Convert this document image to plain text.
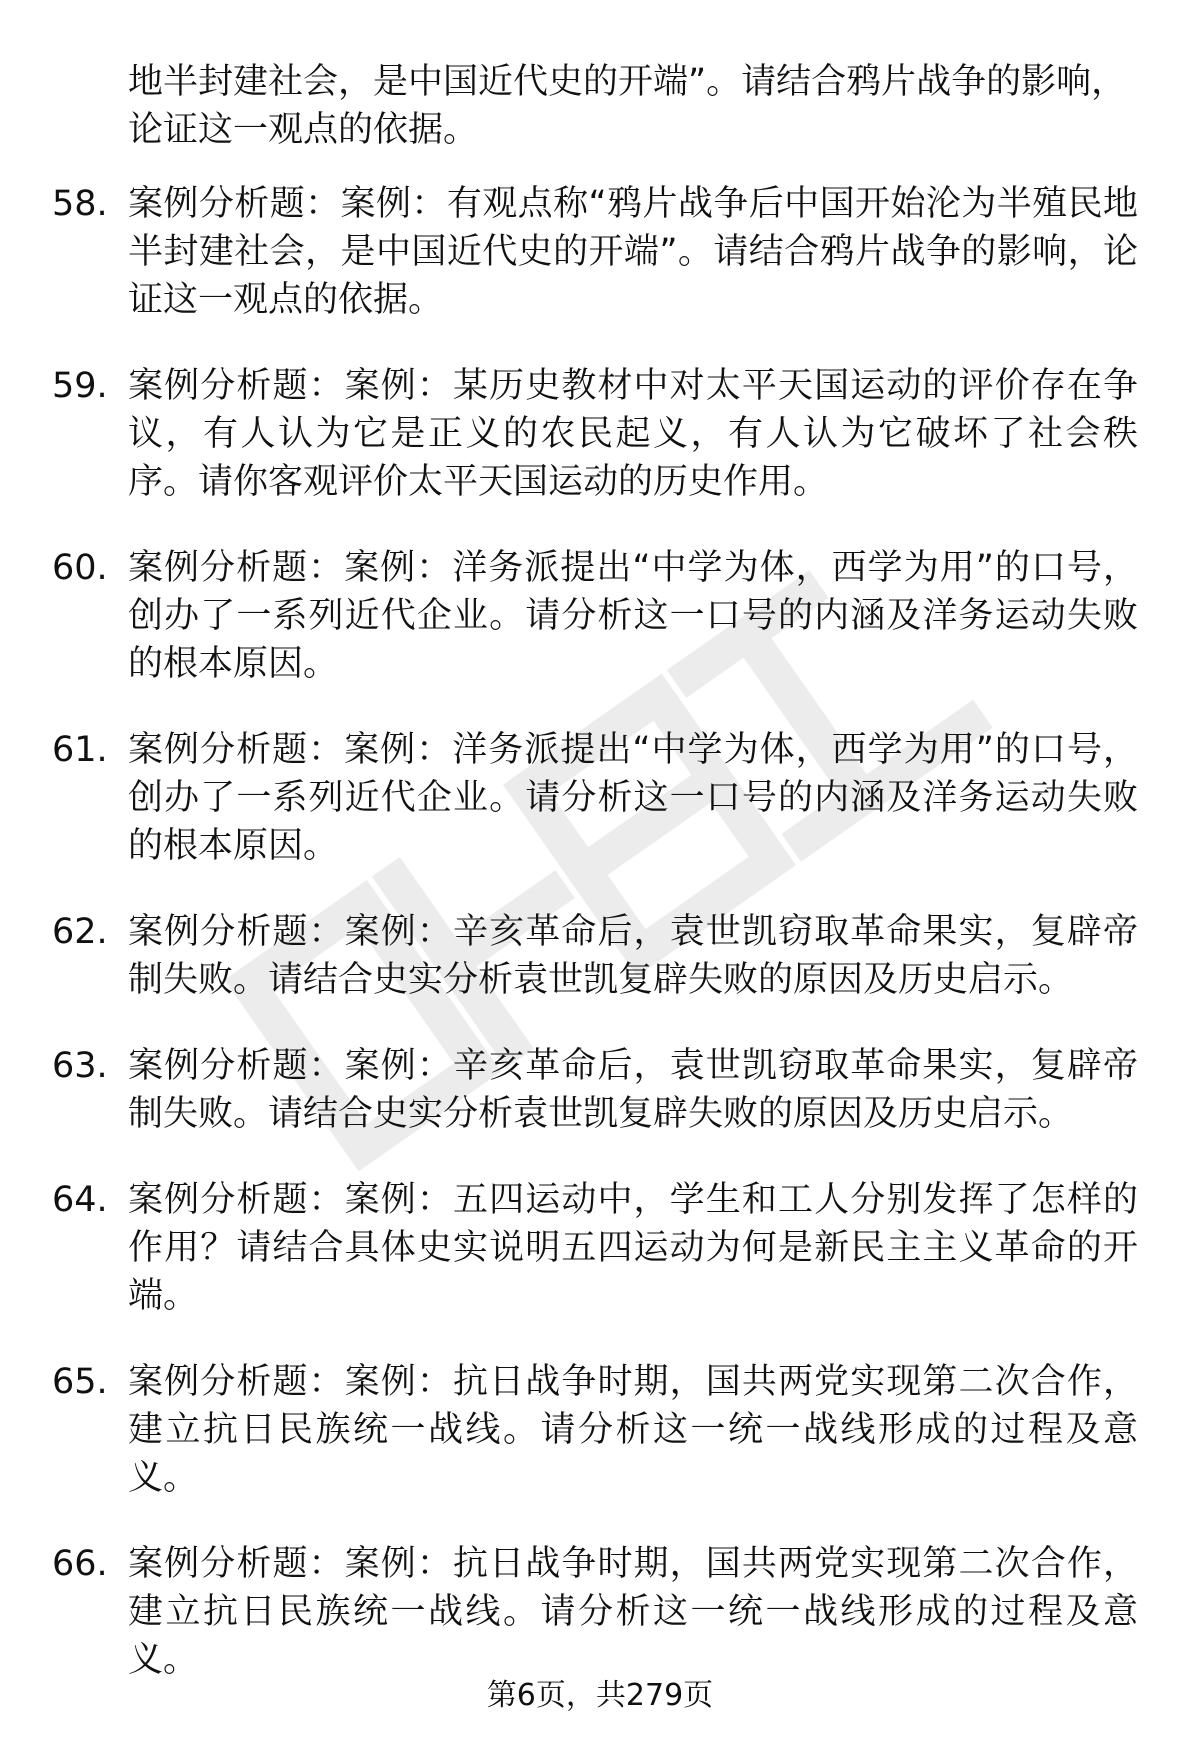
地半封建社会，是中国近代史的开端”。请结合鸦片战争的影响，论证这一观点的依据。

58. 案例分析题：案例：有观点称“鸦片战争后中国开始沦为半殖民地半封建社会，是中国近代史的开端”。请结合鸦片战争的影响，论证这一观点的依据。
59. 案例分析题：案例：某历史教材中对太平天国运动的评价存在争议，有人认为它是正义的农民起义，有人认为它破坏了社会秩序。请你客观评价太平天国运动的历史作用。
60. 案例分析题：案例：洋务派提出“中学为体，西学为用”的口号，创办了一系列近代企业。请分析这一口号的内涵及洋务运动失败的根本原因。
61. 案例分析题：案例：洋务派提出“中学为体，西学为用”的口号，创办了一系列近代企业。请分析这一口号的内涵及洋务运动失败的根本原因。
62. 案例分析题：案例：辛亥革命后，袁世凯窃取革命果实，复辟帝制失败。请结合史实分析袁世凯复辟失败的原因及历史启示。
63. 案例分析题：案例：辛亥革命后，袁世凯窃取革命果实，复辟帝制失败。请结合史实分析袁世凯复辟失败的原因及历史启示。
64. 案例分析题：案例：五四运动中，学生和工人分别发挥了怎样的作用？请结合具体史实说明五四运动为何是新民主主义革命的开端。
65. 案例分析题：案例：抗日战争时期，国共两党实现第二次合作，建立抗日民族统一战线。请分析这一统一战线形成的过程及意义。
66. 案例分析题：案例：抗日战争时期，国共两党实现第二次合作，建立抗日民族统一战线。请分析这一统一战线形成的过程及意义。
第6页，共279页
